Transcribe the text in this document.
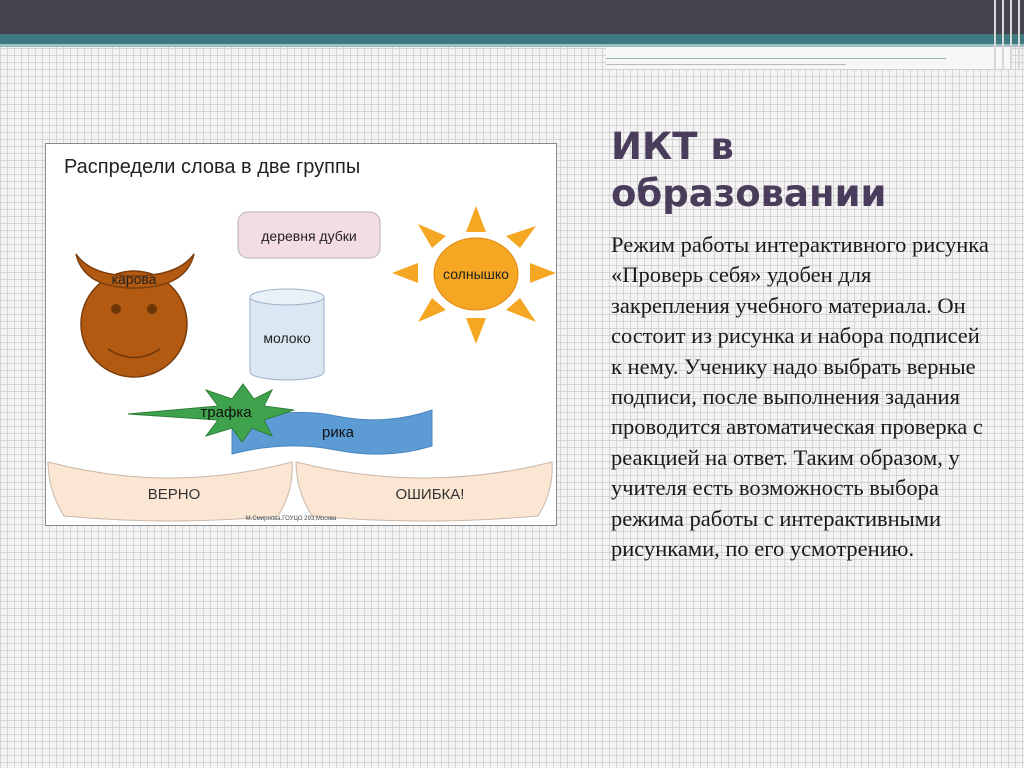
Распредели слова в две группы
карова
деревня дубки
солнышко
молоко
рика
трафка
ВЕРНО	ОШИБКА!
М.Смирнова.ГОУЦО 293,Москва
ИКТ в образовании

Режим работы интерактивного рисунка «Проверь себя» удобен для закрепления учебного материала. Он состоит из рисунка и набора подписей к нему. Ученику надо выбрать верные подписи, после выполнения задания проводится автоматическая проверка с реакцией на ответ. Таким образом, у учителя есть возможность выбора режима работы с интерактивными рисунками, по его усмотрению.
